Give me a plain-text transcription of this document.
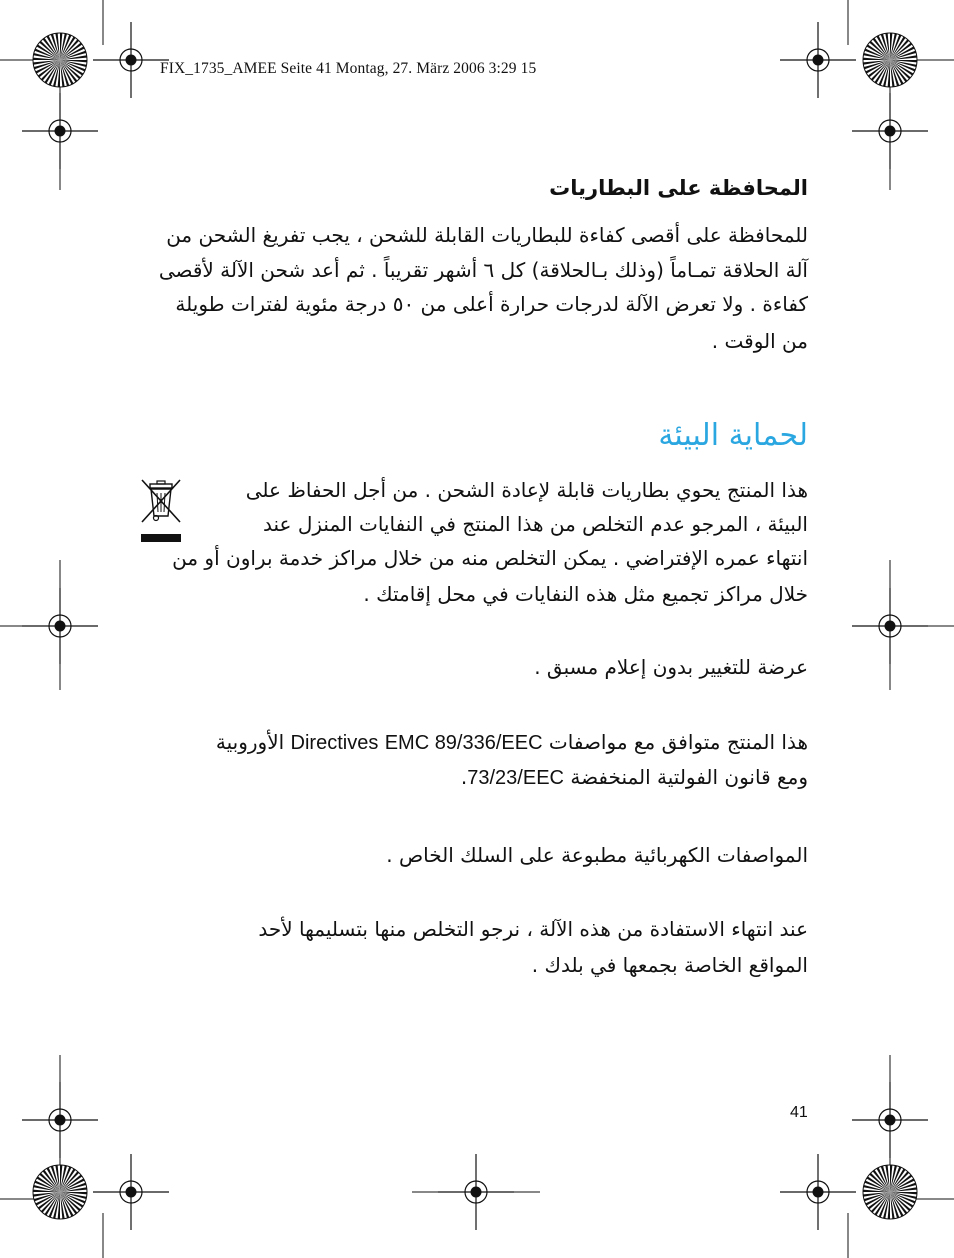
FIX_1735_AMEE Seite 41 Montag, 27. März 2006 3:29 15
المحافظة على البطاريات
للمحافظة على أقصى كفاءة للبطاريات القابلة للشحن ، يجب تفريغ الشحن من
آلة الحلاقة تمـاماً (وذلك بـالحلاقة) كل ٦ أشهر تقريباً . ثم أعد شحن الآلة لأقصى
كفاءة . ولا تعرض الآلة لدرجات حرارة أعلى من ٥٠ درجة مئوية لفترات طويلة
من الوقت .
لحماية البيئة
هذا المنتج يحوي بطاريات قابلة لإعادة الشحن . من أجل الحفاظ على
البيئة ، المرجو عدم التخلص من هذا المنتج في النفايات المنزل عند
انتهاء عمره الإفتراضي . يمكن التخلص منه من خلال مراكز خدمة براون أو من
خلال مراكز تجميع مثل هذه النفايات في محل إقامتك .
عرضة للتغيير بدون إعلام مسبق .
هذا المنتج متوافق مع مواصفات EMC 89/336/EEC Directives الأوروبية
ومع قانون الفولتية المنخفضة 73/23/EEC.
المواصفات الكهربائية مطبوعة على السلك الخاص .
عند انتهاء الاستفادة من هذه الآلة ، نرجو التخلص منها بتسليمها لأحد
المواقع الخاصة بجمعها في بلدك .
41
